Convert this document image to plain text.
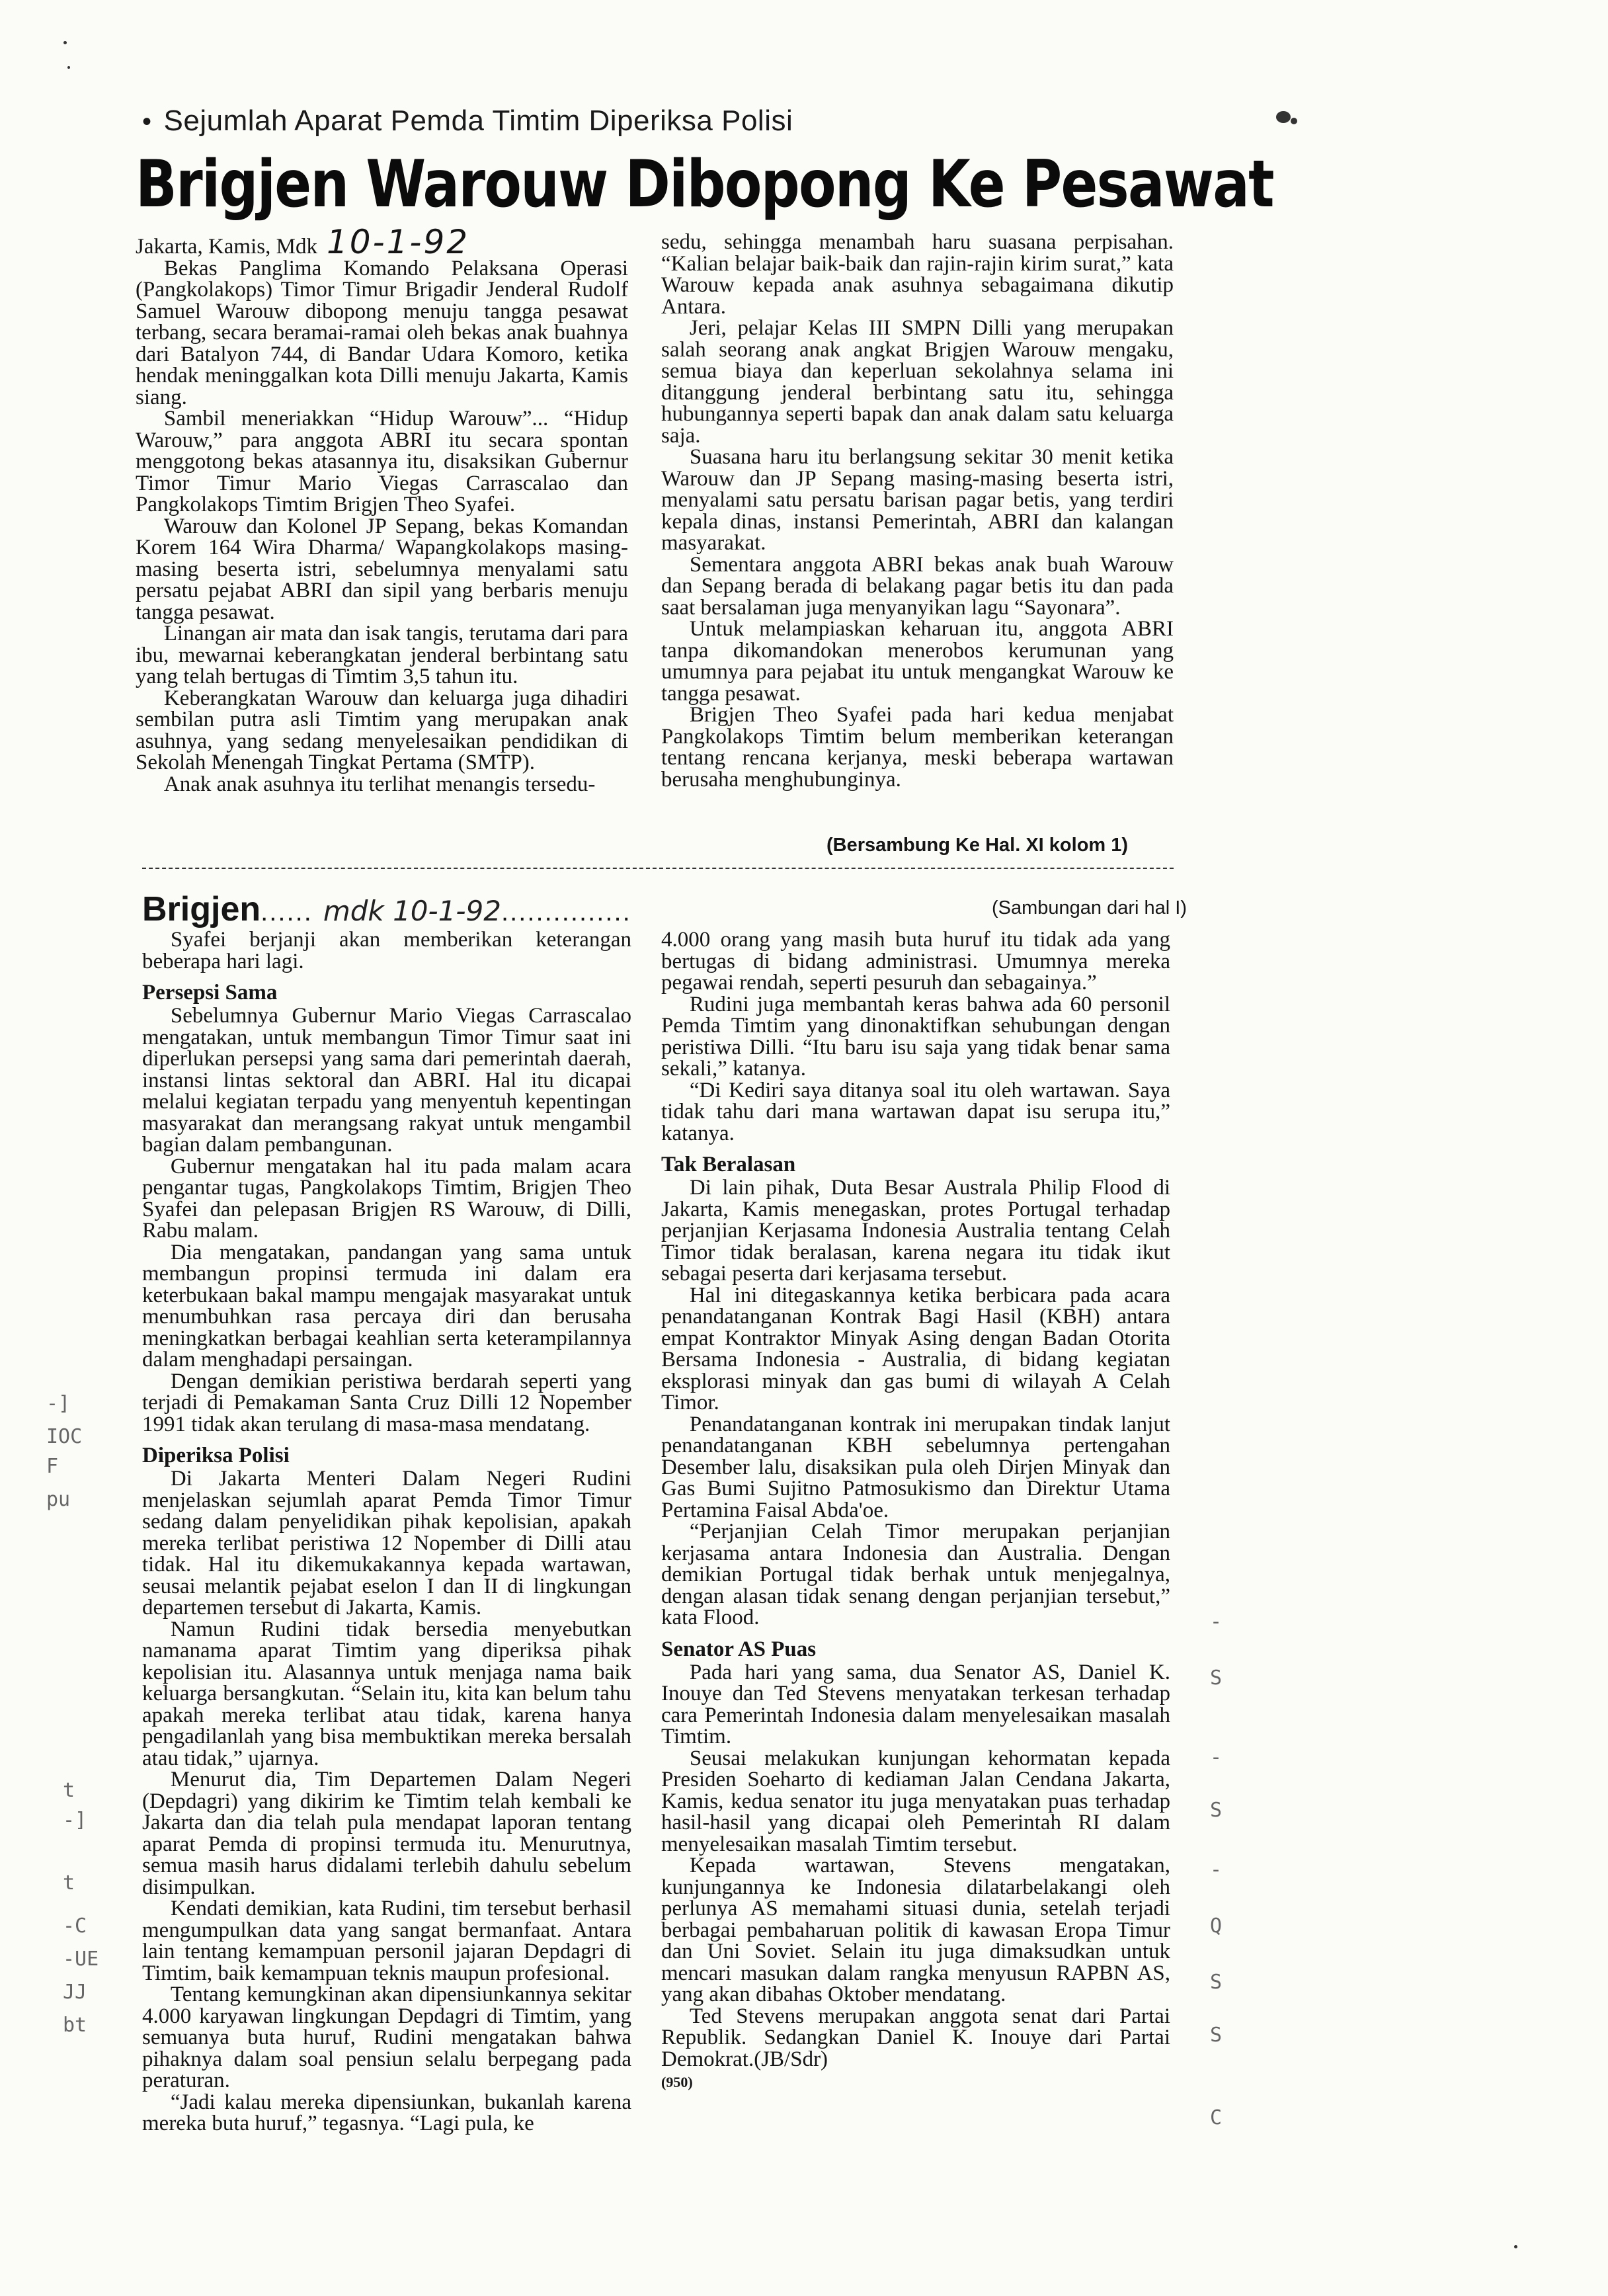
• Sejumlah Aparat Pemda Timtim Diperiksa Polisi
Brigjen Warouw Dibopong Ke Pesawat

Jakarta, Kamis, Mdk 10-1-92

Bekas Panglima Komando Pelaksana Operasi (Pangkolakops) Timor Timur Brigadir Jenderal Rudolf Samuel Warouw dibopong menuju tangga pesawat terbang, secara beramai-ramai oleh bekas anak buahnya dari Batalyon 744, di Bandar Udara Komoro, ketika hendak meninggalkan kota Dilli menuju Jakarta, Kamis siang.

Sambil meneriakkan “Hidup Warouw”... “Hidup Warouw,” para anggota ABRI itu secara spontan menggotong bekas atasannya itu, disaksikan Gubernur Timor Timur Mario Viegas Carrascalao dan Pangkolakops Timtim Brigjen Theo Syafei.

Warouw dan Kolonel JP Sepang, bekas Komandan Korem 164 Wira Dharma/ Wapangkolakops masing-masing beserta istri, sebelumnya menyalami satu persatu pejabat ABRI dan sipil yang berbaris menuju tangga pesawat.

Linangan air mata dan isak tangis, terutama dari para ibu, mewarnai keberangkatan jenderal berbintang satu yang telah bertugas di Timtim 3,5 tahun itu.

Keberangkatan Warouw dan keluarga juga dihadiri sembilan putra asli Timtim yang merupakan anak asuhnya, yang sedang menyelesaikan pendidikan di Sekolah Menengah Tingkat Pertama (SMTP).

Anak anak asuhnya itu terlihat menangis tersedu-

sedu, sehingga menambah haru suasana perpisahan. “Kalian belajar baik-baik dan rajin-rajin kirim surat,” kata Warouw kepada anak asuhnya sebagaimana dikutip Antara.

Jeri, pelajar Kelas III SMPN Dilli yang merupakan salah seorang anak angkat Brigjen Warouw mengaku, semua biaya dan keperluan sekolahnya selama ini ditanggung jenderal berbintang satu itu, sehingga hubungannya seperti bapak dan anak dalam satu keluarga saja.

Suasana haru itu berlangsung sekitar 30 menit ketika Warouw dan JP Sepang masing-masing beserta istri, menyalami satu persatu barisan pagar betis, yang terdiri kepala dinas, instansi Pemerintah, ABRI dan kalangan masyarakat.

Sementara anggota ABRI bekas anak buah Warouw dan Sepang berada di belakang pagar betis itu dan pada saat bersalaman juga menyanyikan lagu “Sayonara”.

Untuk melampiaskan keharuan itu, anggota ABRI tanpa dikomandokan menerobos kerumunan yang umumnya para pejabat itu untuk mengangkat Warouw ke tangga pesawat.

Brigjen Theo Syafei pada hari kedua menjabat Pangkolakops Timtim belum memberikan keterangan tentang rencana kerjanya, meski beberapa wartawan berusaha menghubunginya.

(Bersambung Ke Hal. XI kolom 1)
Brigjen...... mdk 10-1-92...............	(Sambungan dari hal I)

Syafei berjanji akan memberikan keterangan beberapa hari lagi.

Persepsi Sama

Sebelumnya Gubernur Mario Viegas Carrascalao mengatakan, untuk membangun Timor Timur saat ini diperlukan persepsi yang sama dari pemerintah daerah, instansi lintas sektoral dan ABRI. Hal itu dicapai melalui kegiatan terpadu yang menyentuh kepentingan masyarakat dan merangsang rakyat untuk mengambil bagian dalam pembangunan.

Gubernur mengatakan hal itu pada malam acara pengantar tugas, Pangkolakops Timtim, Brigjen Theo Syafei dan pelepasan Brigjen RS Warouw, di Dilli, Rabu malam.

Dia mengatakan, pandangan yang sama untuk membangun propinsi termuda ini dalam era keterbukaan bakal mampu mengajak masyarakat untuk menumbuhkan rasa percaya diri dan berusaha meningkatkan berbagai keahlian serta keterampilannya dalam menghadapi persaingan.

Dengan demikian peristiwa berdarah seperti yang terjadi di Pemakaman Santa Cruz Dilli 12 Nopember 1991 tidak akan terulang di masa-masa mendatang.

Diperiksa Polisi

Di Jakarta Menteri Dalam Negeri Rudini menjelaskan sejumlah aparat Pemda Timor Timur sedang dalam penyelidikan pihak kepolisian, apakah mereka terlibat peristiwa 12 Nopember di Dilli atau tidak. Hal itu dikemukakannya kepada wartawan, seusai melantik pejabat eselon I dan II di lingkungan departemen tersebut di Jakarta, Kamis.

Namun Rudini tidak bersedia menyebutkan namanama aparat Timtim yang diperiksa pihak kepolisian itu. Alasannya untuk menjaga nama baik keluarga bersangkutan. “Selain itu, kita kan belum tahu apakah mereka terlibat atau tidak, karena hanya pengadilanlah yang bisa membuktikan mereka bersalah atau tidak,” ujarnya.

Menurut dia, Tim Departemen Dalam Negeri (Depdagri) yang dikirim ke Timtim telah kembali ke Jakarta dan dia telah pula mendapat laporan tentang aparat Pemda di propinsi termuda itu. Menurutnya, semua masih harus didalami terlebih dahulu sebelum disimpulkan.

Kendati demikian, kata Rudini, tim tersebut berhasil mengumpulkan data yang sangat bermanfaat. Antara lain tentang kemampuan personil jajaran Depdagri di Timtim, baik kemampuan teknis maupun profesional.

Tentang kemungkinan akan dipensiunkannya sekitar 4.000 karyawan lingkungan Depdagri di Timtim, yang semuanya buta huruf, Rudini mengatakan bahwa pihaknya dalam soal pensiun selalu berpegang pada peraturan.

“Jadi kalau mereka dipensiunkan, bukanlah karena mereka buta huruf,” tegasnya. “Lagi pula, ke

4.000 orang yang masih buta huruf itu tidak ada yang bertugas di bidang administrasi. Umumnya mereka pegawai rendah, seperti pesuruh dan sebagainya.”

Rudini juga membantah keras bahwa ada 60 personil Pemda Timtim yang dinonaktifkan sehubungan dengan peristiwa Dilli. “Itu baru isu saja yang tidak benar sama sekali,” katanya.

“Di Kediri saya ditanya soal itu oleh wartawan. Saya tidak tahu dari mana wartawan dapat isu serupa itu,” katanya.

Tak Beralasan

Di lain pihak, Duta Besar Australa Philip Flood di Jakarta, Kamis menegaskan, protes Portugal terhadap perjanjian Kerjasama Indonesia Australia tentang Celah Timor tidak beralasan, karena negara itu tidak ikut sebagai peserta dari kerjasama tersebut.

Hal ini ditegaskannya ketika berbicara pada acara penandatanganan Kontrak Bagi Hasil (KBH) antara empat Kontraktor Minyak Asing dengan Badan Otorita Bersama Indonesia - Australia, di bidang kegiatan eksplorasi minyak dan gas bumi di wilayah A Celah Timor.

Penandatanganan kontrak ini merupakan tindak lanjut penandatanganan KBH sebelumnya pertengahan Desember lalu, disaksikan pula oleh Dirjen Minyak dan Gas Bumi Sujitno Patmosukismo dan Direktur Utama Pertamina Faisal Abda'oe.

“Perjanjian Celah Timor merupakan perjanjian kerjasama antara Indonesia dan Australia. Dengan demikian Portugal tidak berhak untuk menjegalnya, dengan alasan tidak senang dengan perjanjian tersebut,” kata Flood.

Senator AS Puas

Pada hari yang sama, dua Senator AS, Daniel K. Inouye dan Ted Stevens menyatakan terkesan terhadap cara Pemerintah Indonesia dalam menyelesaikan masalah Timtim.

Seusai melakukan kunjungan kehormatan kepada Presiden Soeharto di kediaman Jalan Cendana Jakarta, Kamis, kedua senator itu juga menyatakan puas terhadap hasil-hasil yang dicapai oleh Pemerintah RI dalam menyelesaikan masalah Timtim tersebut.

Kepada wartawan, Stevens mengatakan, kunjungannya ke Indonesia dilatarbelakangi oleh perlunya AS memahami situasi dunia, setelah terjadi berbagai pembaharuan politik di kawasan Eropa Timur dan Uni Soviet. Selain itu juga dimaksudkan untuk mencari masukan dalam rangka menyusun RAPBN AS, yang akan dibahas Oktober mendatang.

Ted Stevens merupakan anggota senat dari Partai Republik. Sedangkan Daniel K. Inouye dari Partai Demokrat.(JB/Sdr)

(950)
-]
IOC
F
pu
t
-]
t
-C
-UE
JJ
bt
-
S
-
S
-
Q
S
S
C
